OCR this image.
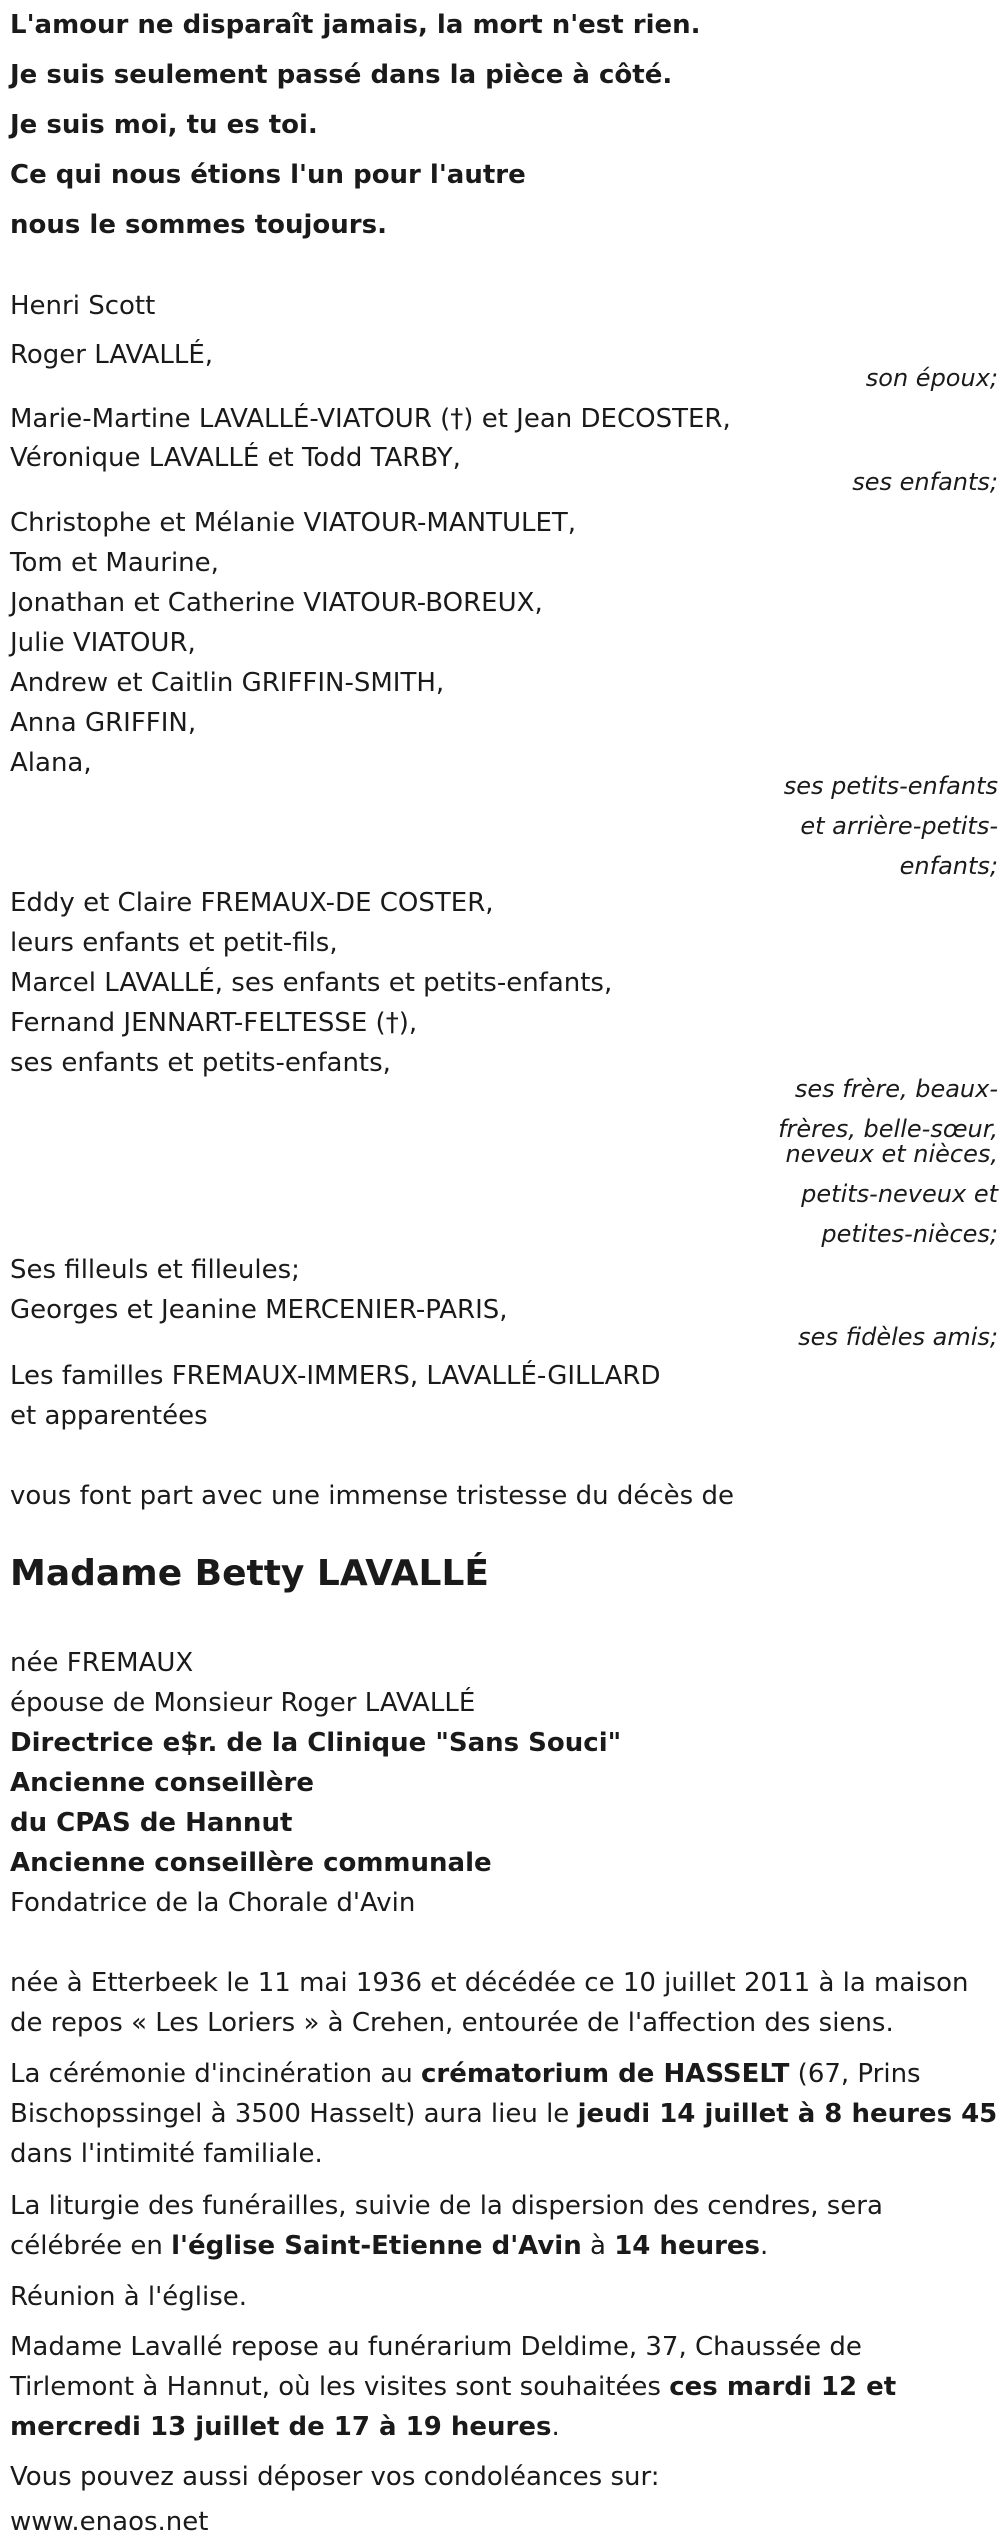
L'amour ne disparaît jamais, la mort n'est rien.
Je suis seulement passé dans la pièce à côté.
Je suis moi, tu es toi.
Ce qui nous étions l'un pour l'autre
nous le sommes toujours.
Henri Scott
Roger LAVALLÉ,
son époux;
Marie-Martine LAVALLÉ-VIATOUR (†) et Jean DECOSTER,
Véronique LAVALLÉ et Todd TARBY,
ses enfants;
Christophe et Mélanie VIATOUR-MANTULET,
Tom et Maurine,
Jonathan et Catherine VIATOUR-BOREUX,
Julie VIATOUR,
Andrew et Caitlin GRIFFIN-SMITH,
Anna GRIFFIN,
Alana,
ses petits-enfants
et arrière-petits-
enfants;
Eddy et Claire FREMAUX-DE COSTER,
leurs enfants et petit-fils,
Marcel LAVALLÉ, ses enfants et petits-enfants,
Fernand JENNART-FELTESSE (†),
ses enfants et petits-enfants,
ses frère, beaux-
frères, belle-sœur,
neveux et nièces,
petits-neveux et
petites-nièces;
Ses filleuls et filleules;
Georges et Jeanine MERCENIER-PARIS,
ses fidèles amis;
Les familles FREMAUX-IMMERS, LAVALLÉ-GILLARD
et apparentées
vous font part avec une immense tristesse du décès de
Madame Betty LAVALLÉ
née FREMAUX
épouse de Monsieur Roger LAVALLÉ
Directrice e$r. de la Clinique "Sans Souci"
Ancienne conseillère
du CPAS de Hannut
Ancienne conseillère communale
Fondatrice de la Chorale d'Avin
née à Etterbeek le 11 mai 1936 et décédée ce 10 juillet 2011 à la maison
de repos « Les Loriers » à Crehen, entourée de l'affection des siens.
La cérémonie d'incinération au crématorium de HASSELT (67, Prins
Bischopssingel à 3500 Hasselt) aura lieu le jeudi 14 juillet à 8 heures 45
dans l'intimité familiale.
La liturgie des funérailles, suivie de la dispersion des cendres, sera
célébrée en l'église Saint-Etienne d'Avin à 14 heures.
Réunion à l'église.
Madame Lavallé repose au funérarium Deldime, 37, Chaussée de
Tirlemont à Hannut, où les visites sont souhaitées ces mardi 12 et
mercredi 13 juillet de 17 à 19 heures.
Vous pouvez aussi déposer vos condoléances sur:
www.enaos.net
